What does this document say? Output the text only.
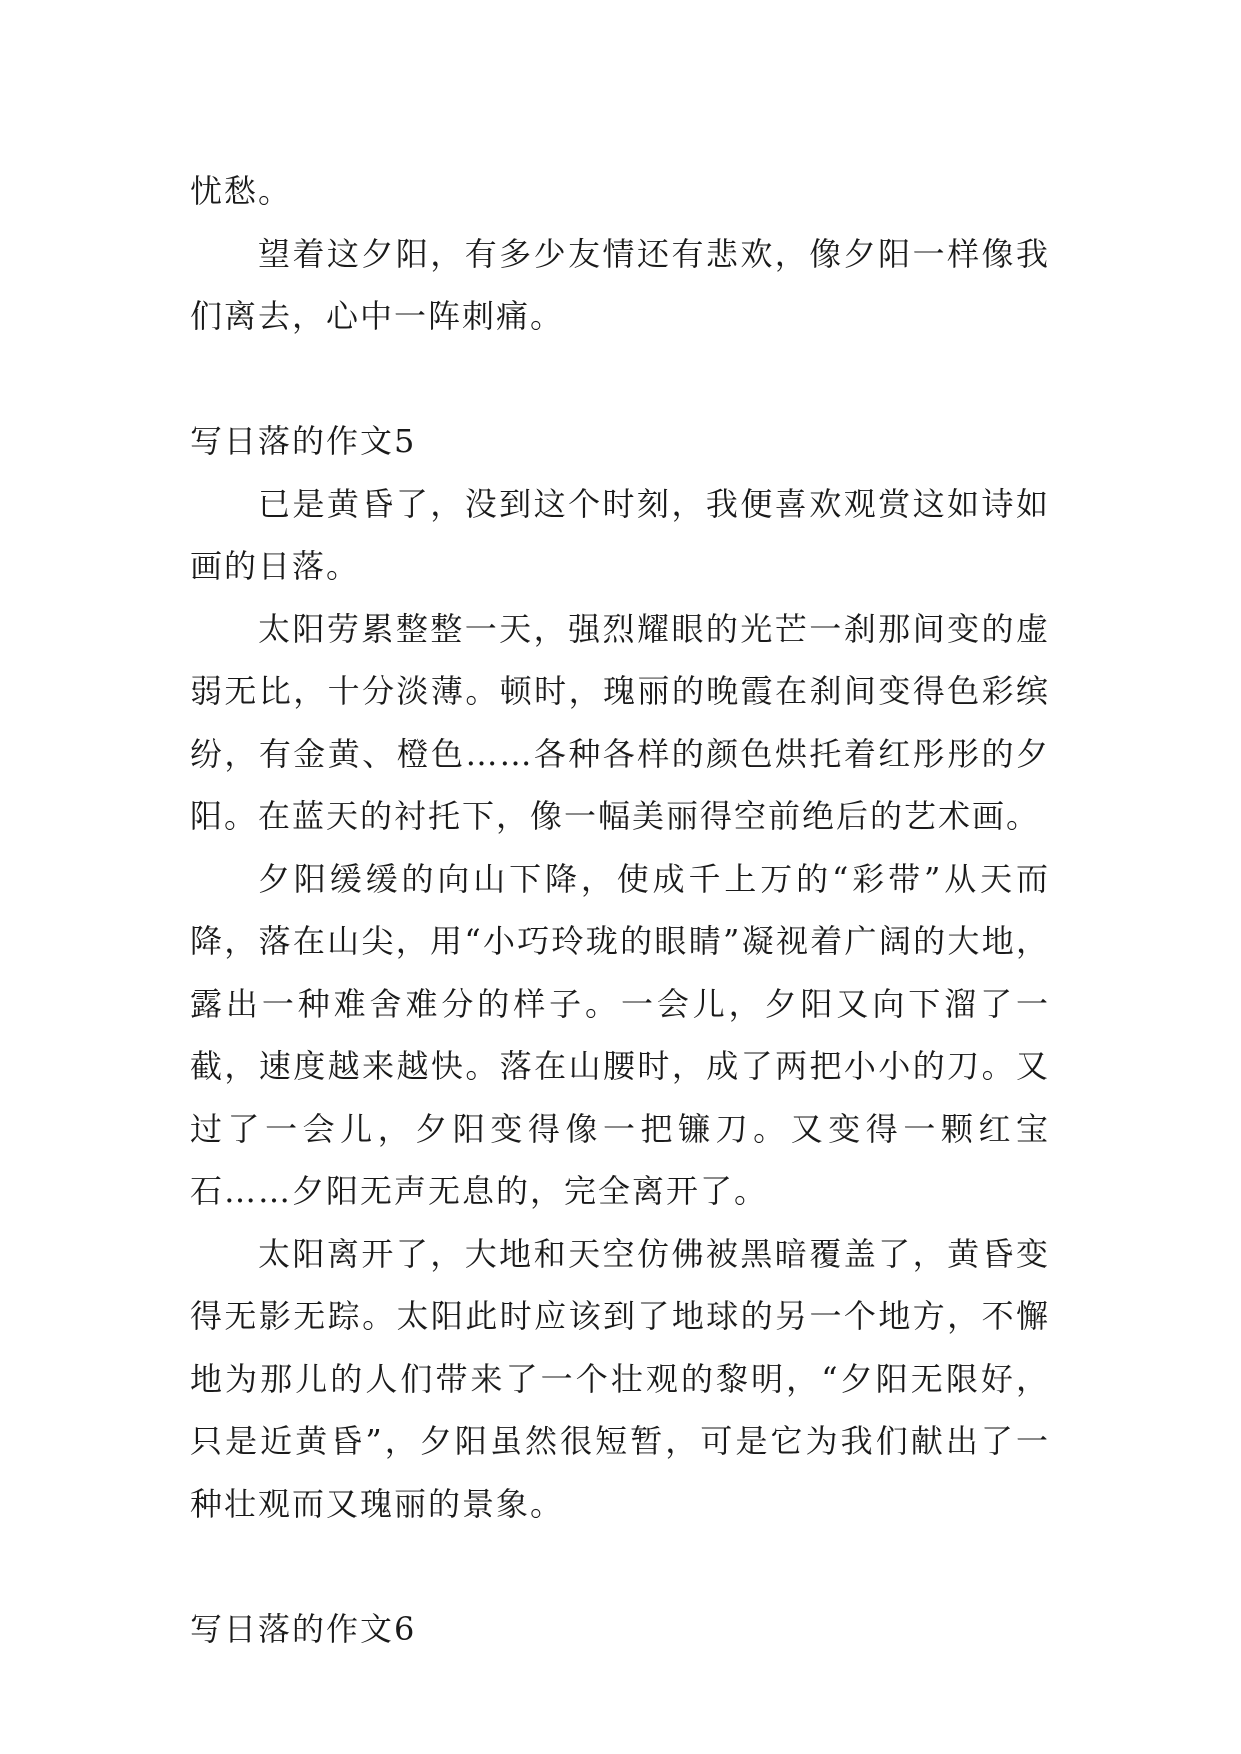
忧愁。

望着这夕阳，有多少友情还有悲欢，像夕阳一样像我们离去，心中一阵刺痛。

写日落的作文5

已是黄昏了，没到这个时刻，我便喜欢观赏这如诗如画的日落。

太阳劳累整整一天，强烈耀眼的光芒一刹那间变的虚弱无比，十分淡薄。顿时，瑰丽的晚霞在刹间变得色彩缤纷，有金黄、橙色……各种各样的颜色烘托着红彤彤的夕阳。在蓝天的衬托下，像一幅美丽得空前绝后的艺术画。

夕阳缓缓的向山下降，使成千上万的“彩带”从天而降，落在山尖，用“小巧玲珑的眼睛”凝视着广阔的大地，露出一种难舍难分的样子。一会儿，夕阳又向下溜了一截，速度越来越快。落在山腰时，成了两把小小的刀。又过了一会儿，夕阳变得像一把镰刀。又变得一颗红宝石……夕阳无声无息的，完全离开了。

太阳离开了，大地和天空仿佛被黑暗覆盖了，黄昏变得无影无踪。太阳此时应该到了地球的另一个地方，不懈地为那儿的人们带来了一个壮观的黎明，“夕阳无限好，只是近黄昏”，夕阳虽然很短暂，可是它为我们献出了一种壮观而又瑰丽的景象。

写日落的作文6
